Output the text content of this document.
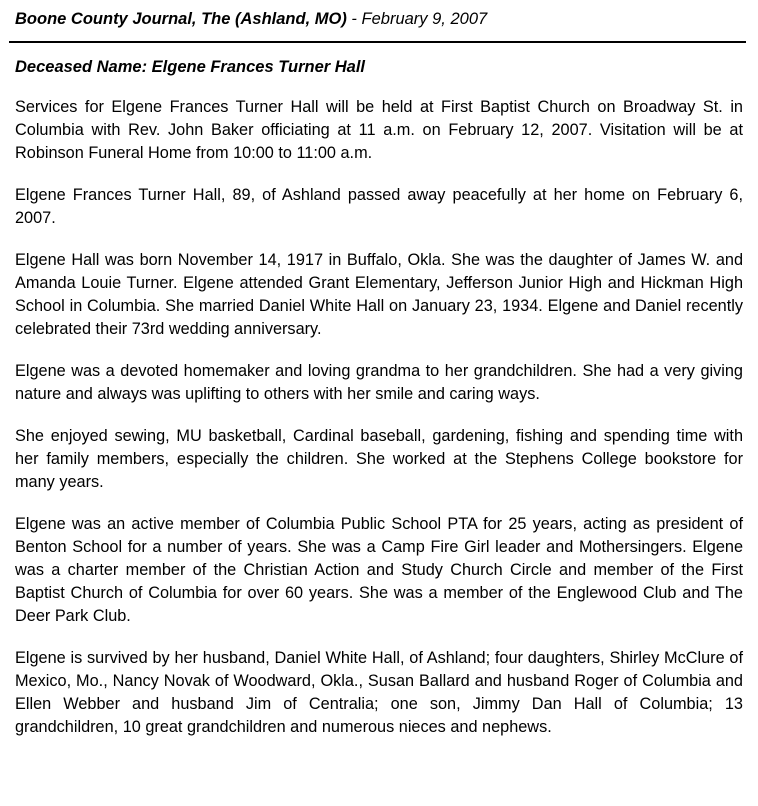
Boone County Journal, The (Ashland, MO) - February 9, 2007
Deceased Name: Elgene Frances Turner Hall

Services for Elgene Frances Turner Hall will be held at First Baptist Church on Broadway St. in Columbia with Rev. John Baker officiating at 11 a.m. on February 12, 2007. Visitation will be at Robinson Funeral Home from 10:00 to 11:00 a.m.

Elgene Frances Turner Hall, 89, of Ashland passed away peacefully at her home on February 6, 2007.

Elgene Hall was born November 14, 1917 in Buffalo, Okla. She was the daughter of James W. and Amanda Louie Turner. Elgene attended Grant Elementary, Jefferson Junior High and Hickman High School in Columbia. She married Daniel White Hall on January 23, 1934. Elgene and Daniel recently celebrated their 73rd wedding anniversary.

Elgene was a devoted homemaker and loving grandma to her grandchildren. She had a very giving nature and always was uplifting to others with her smile and caring ways.

She enjoyed sewing, MU basketball, Cardinal baseball, gardening, fishing and spending time with her family members, especially the children. She worked at the Stephens College bookstore for many years.

Elgene was an active member of Columbia Public School PTA for 25 years, acting as president of Benton School for a number of years. She was a Camp Fire Girl leader and Mothersingers. Elgene was a charter member of the Christian Action and Study Church Circle and member of the First Baptist Church of Columbia for over 60 years. She was a member of the Englewood Club and The Deer Park Club.

Elgene is survived by her husband, Daniel White Hall, of Ashland; four daughters, Shirley McClure of Mexico, Mo., Nancy Novak of Woodward, Okla., Susan Ballard and husband Roger of Columbia and Ellen Webber and husband Jim of Centralia; one son, Jimmy Dan Hall of Columbia; 13 grandchildren, 10 great grandchildren and numerous nieces and nephews.
